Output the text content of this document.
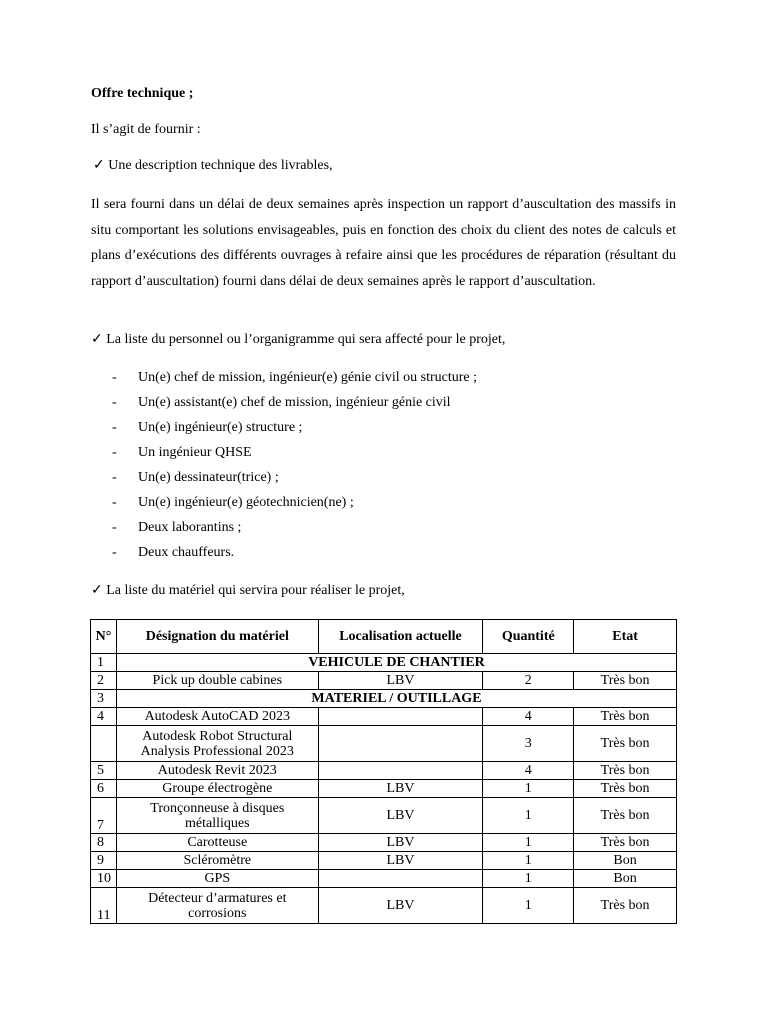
Offre technique ;
Il s’agit de fournir :
✓ Une description technique des livrables,
Il sera fourni dans un délai de deux semaines après inspection un rapport d’auscultation des massifs in situ comportant les solutions envisageables, puis en fonction des choix du client des notes de calculs et plans d’exécutions des différents ouvrages à refaire ainsi que les procédures de réparation (résultant du rapport d’auscultation) fourni dans délai de deux semaines après le rapport d’auscultation.
✓ La liste du personnel ou l’organigramme qui sera affecté pour le projet,
- Un(e) chef de mission, ingénieur(e) génie civil ou structure ;
- Un(e) assistant(e) chef de mission, ingénieur génie civil
- Un(e) ingénieur(e) structure ;
- Un ingénieur QHSE
- Un(e) dessinateur(trice) ;
- Un(e) ingénieur(e) géotechnicien(ne) ;
- Deux laborantins ;
- Deux chauffeurs.
✓ La liste du matériel qui servira pour réaliser le projet,
N°	Désignation du matériel	Localisation actuelle	Quantité	Etat
1	VEHICULE DE CHANTIER			
2	Pick up double cabines	LBV	2	Très bon
3	MATERIEL / OUTILLAGE			
4	Autodesk AutoCAD 2023		4	Très bon
	Autodesk Robot Structural Analysis Professional 2023		3	Très bon
5	Autodesk Revit 2023		4	Très bon
6	Groupe électrogène	LBV	1	Très bon
7	Tronçonneuse à disques métalliques	LBV	1	Très bon
8	Carotteuse	LBV	1	Très bon
9	Scléromètre	LBV	1	Bon
10	GPS		1	Bon
11	Détecteur d’armatures et corrosions	LBV	1	Très bon
